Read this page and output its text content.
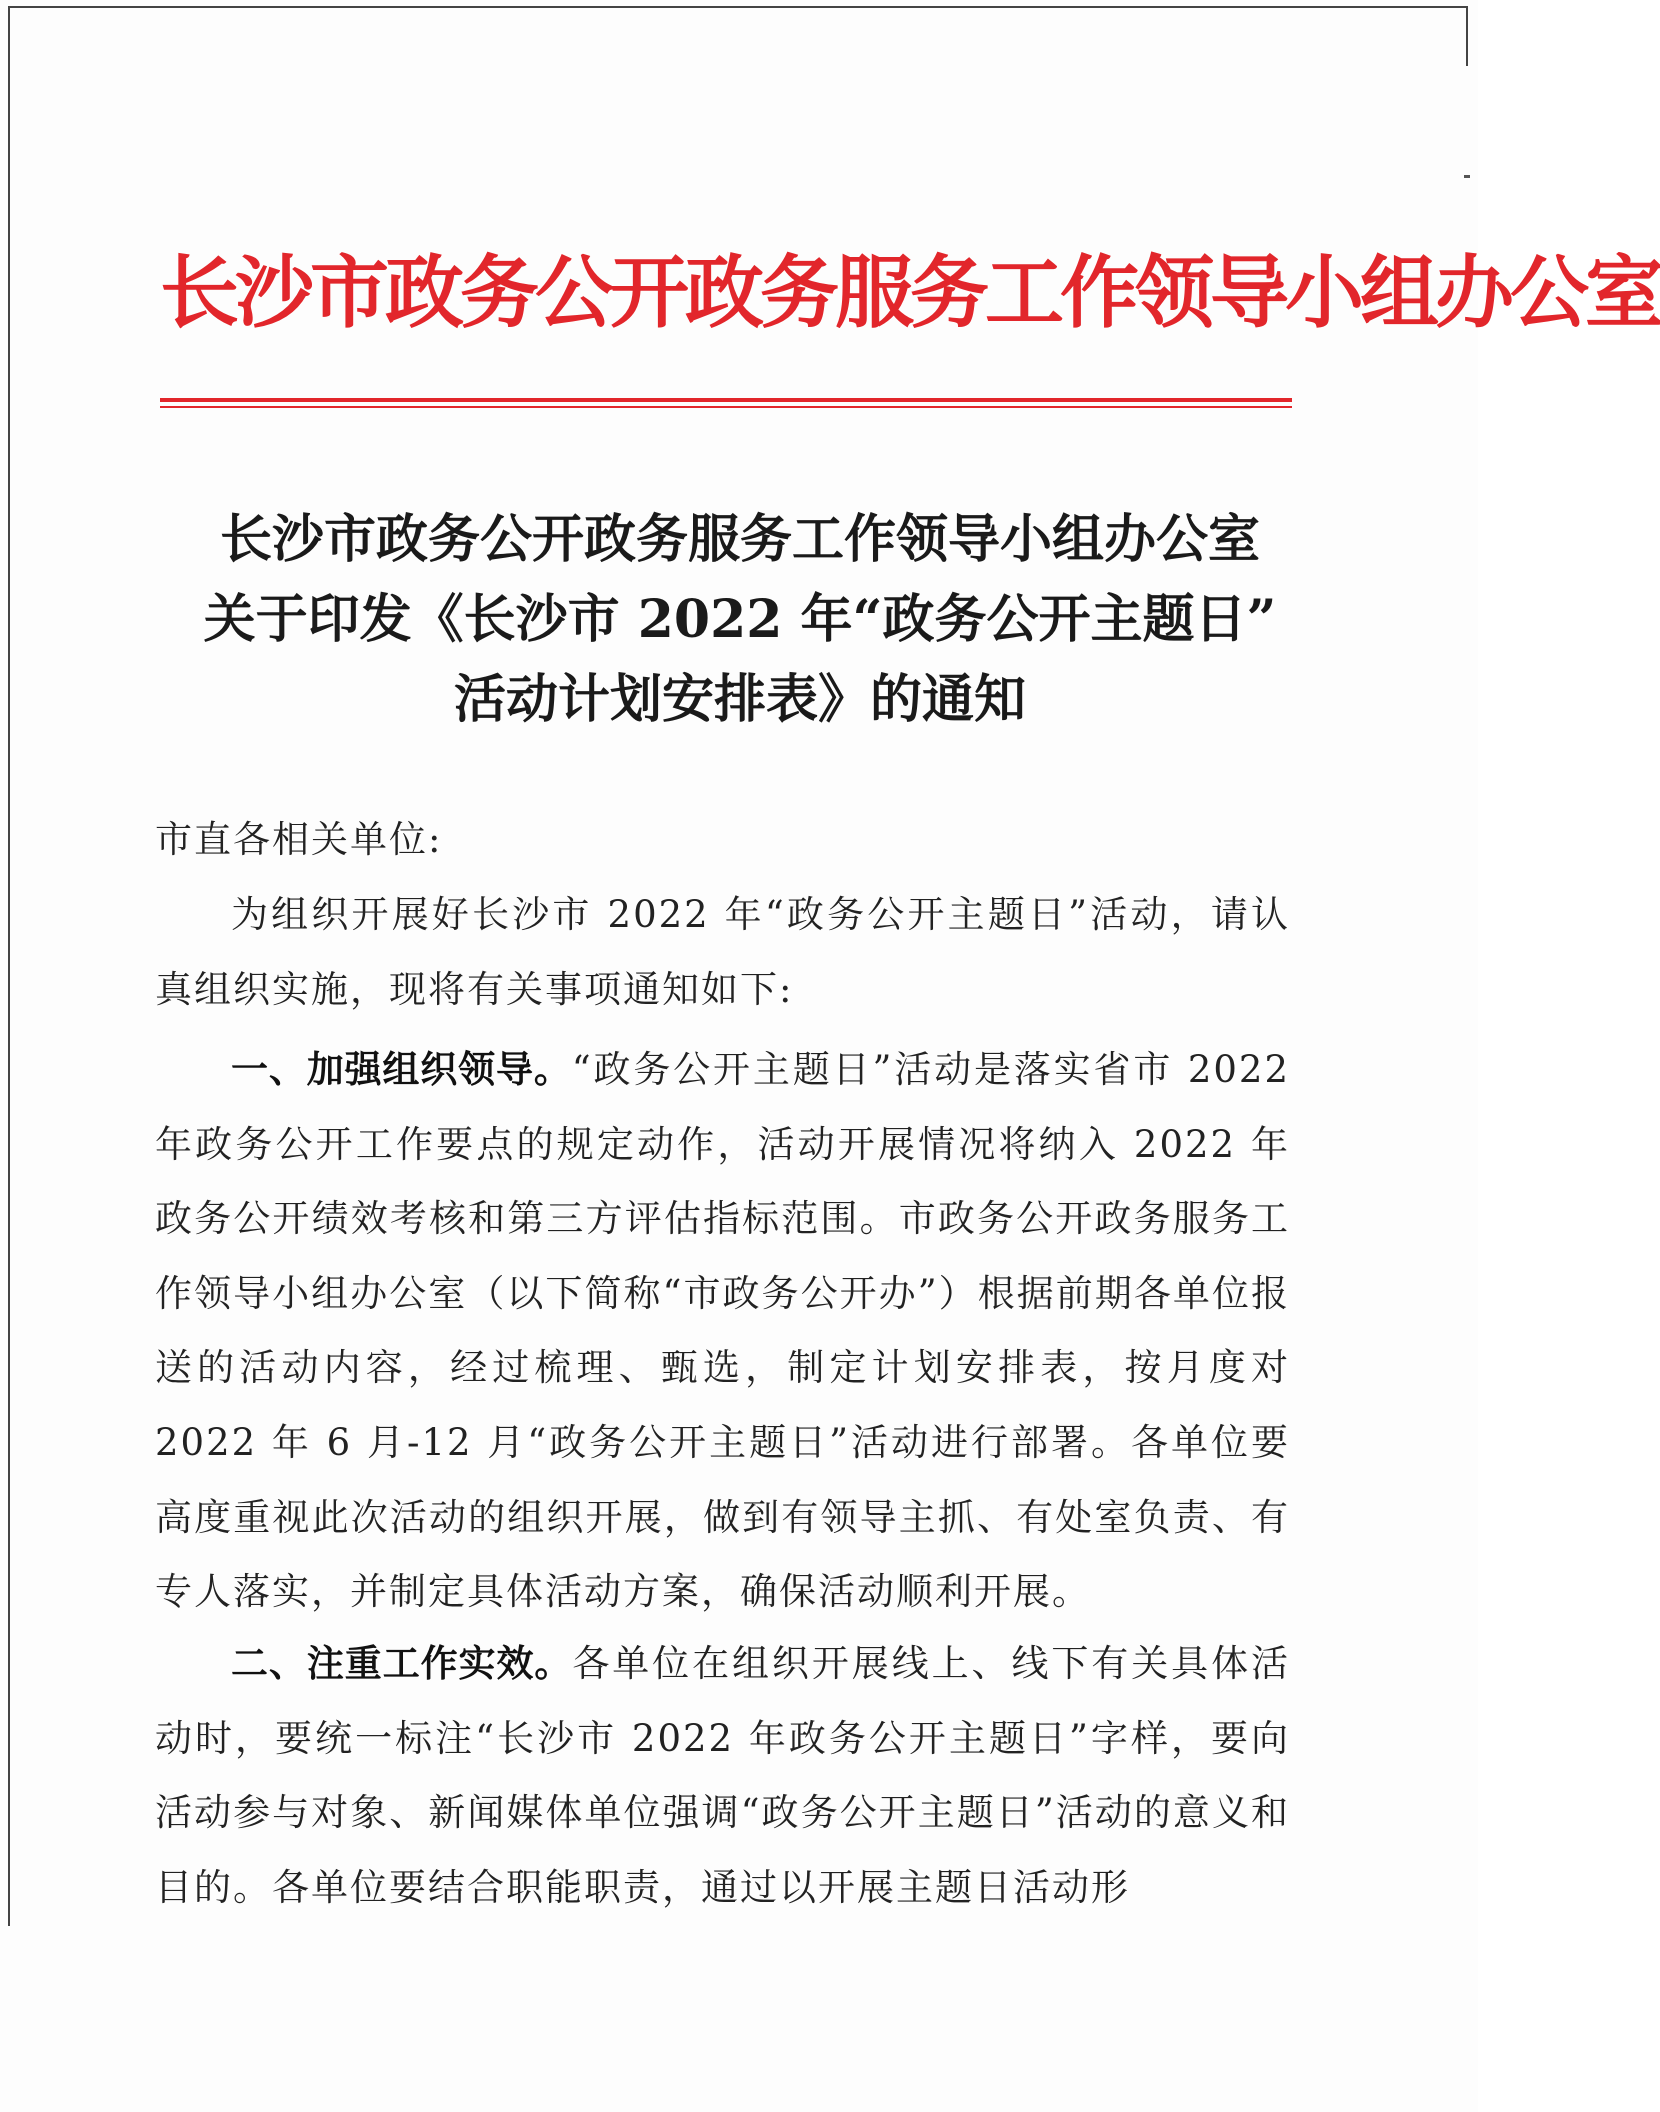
长沙市政务公开政务服务工作领导小组办公室
长沙市政务公开政务服务工作领导小组办公室
关于印发《长沙市 2022 年“政务公开主题日”
活动计划安排表》的通知
市直各相关单位:
为组织开展好长沙市 2022 年“政务公开主题日”活动，请认真组织实施，现将有关事项通知如下:
一、加强组织领导。“政务公开主题日”活动是落实省市 2022 年政务公开工作要点的规定动作，活动开展情况将纳入 2022 年政务公开绩效考核和第三方评估指标范围。市政务公开政务服务工作领导小组办公室（以下简称“市政务公开办”）根据前期各单位报送的活动内容，经过梳理、甄选，制定计划安排表，按月度对 2022 年 6 月-12 月“政务公开主题日”活动进行部署。各单位要高度重视此次活动的组织开展，做到有领导主抓、有处室负责、有专人落实，并制定具体活动方案，确保活动顺利开展。
二、注重工作实效。各单位在组织开展线上、线下有关具体活动时，要统一标注“长沙市 2022 年政务公开主题日”字样，要向活动参与对象、新闻媒体单位强调“政务公开主题日”活动的意义和目的。各单位要结合职能职责，通过以开展主题日活动形
